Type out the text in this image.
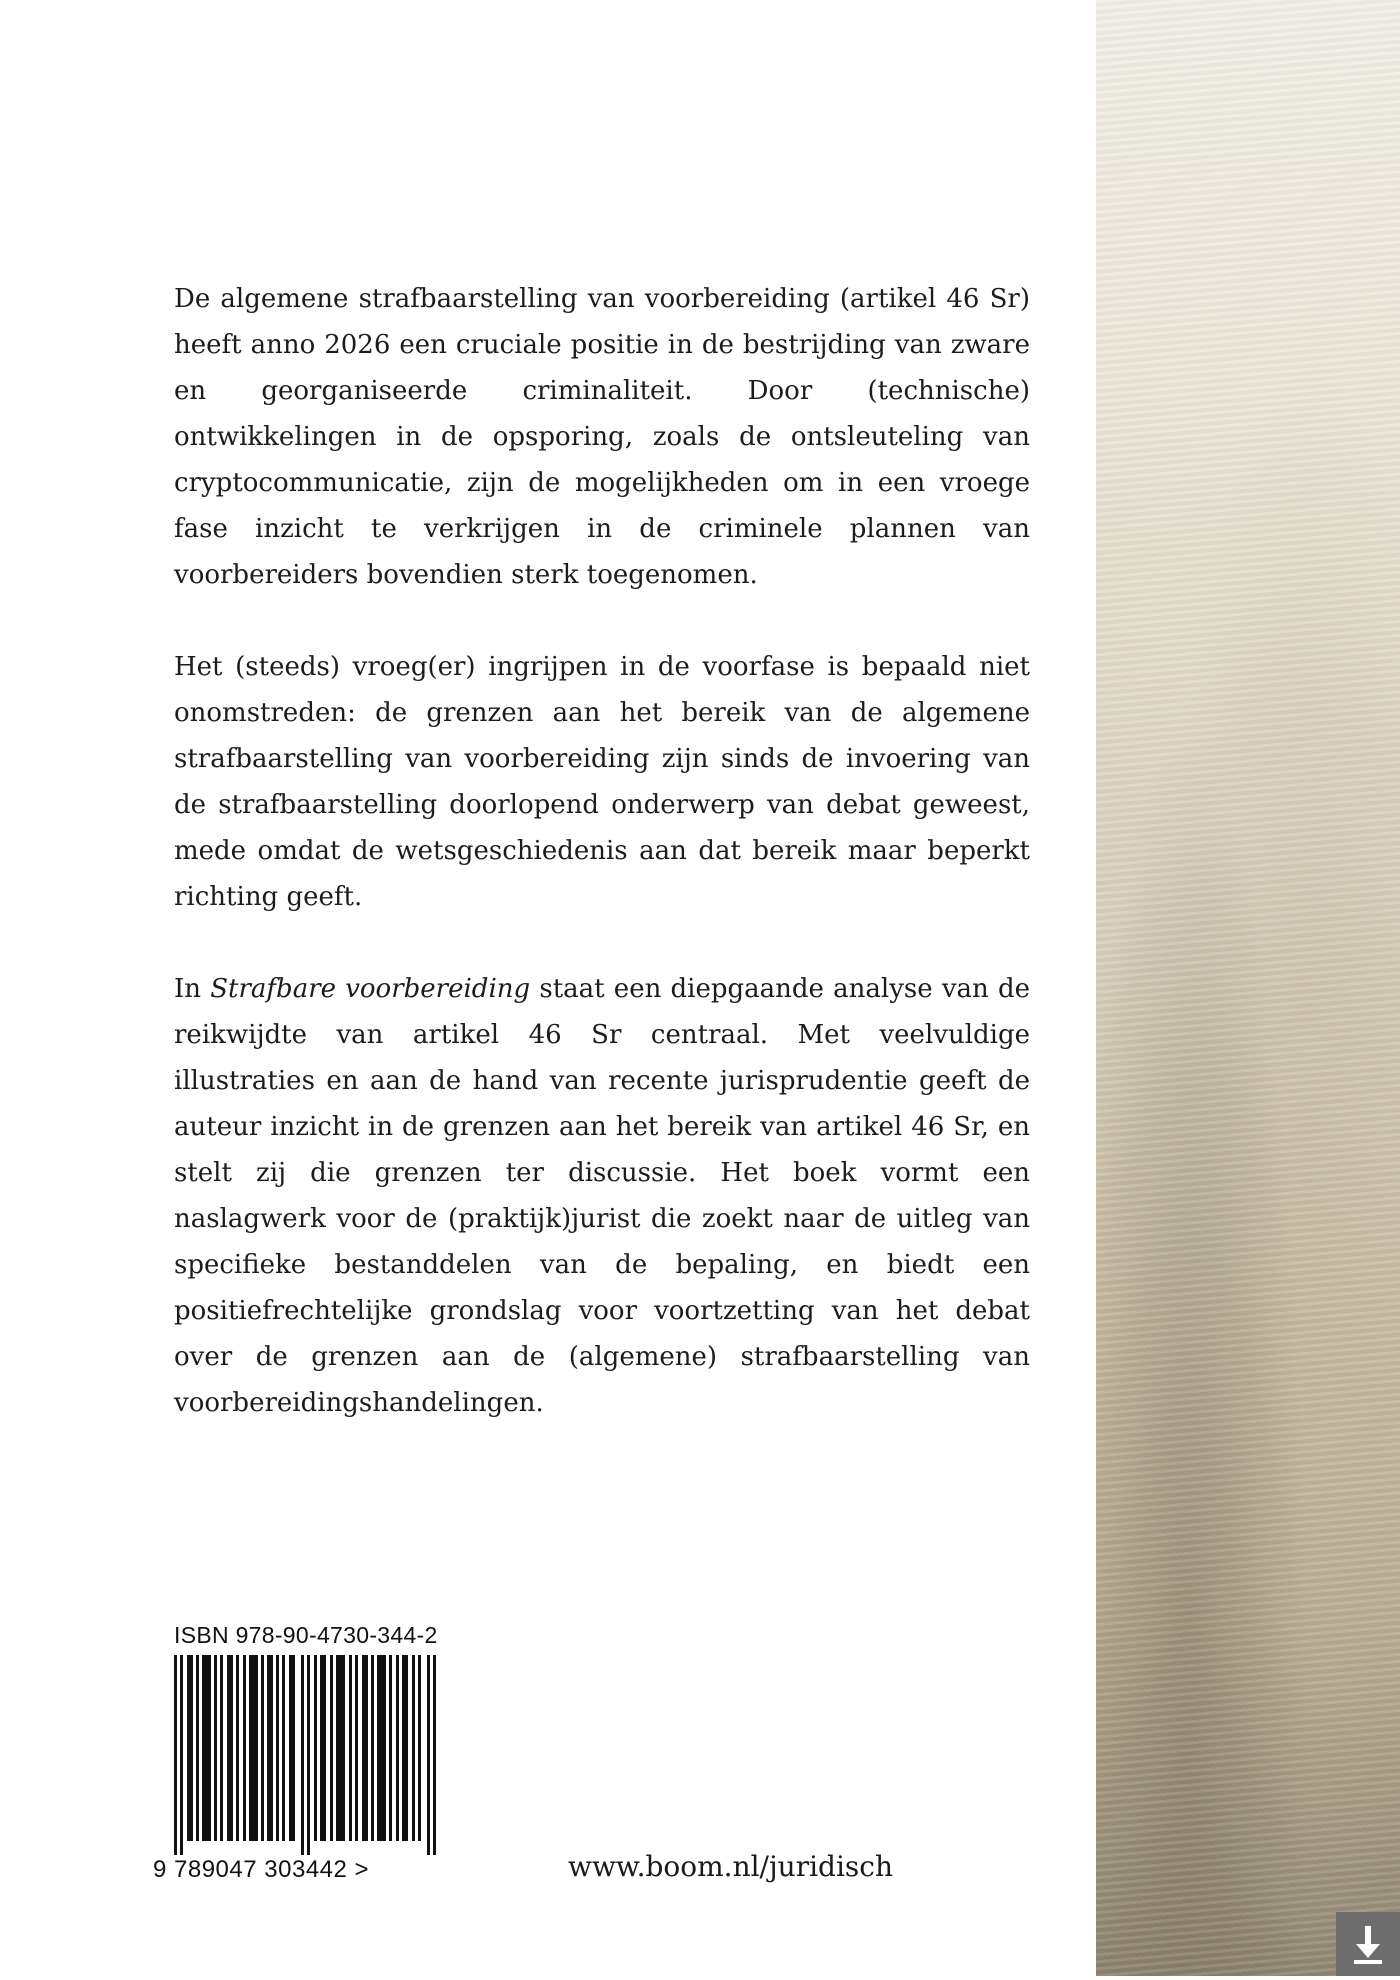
De algemene strafbaarstelling van voorbereiding (artikel 46 Sr) heeft anno 2026 een cruciale positie in de bestrijding van zware en georganiseerde criminaliteit. Door (technische) ontwikkelingen in de opsporing, zoals de ontsleuteling van cryptocommunicatie, zijn de mogelijkheden om in een vroege fase inzicht te verkrijgen in de criminele plannen van voorbereiders bovendien sterk toegenomen.

Het (steeds) vroeg(er) ingrijpen in de voorfase is bepaald niet onomstreden: de grenzen aan het bereik van de algemene strafbaarstelling van voorbereiding zijn sinds de invoering van de strafbaarstelling doorlopend onderwerp van debat geweest, mede omdat de wetsgeschiedenis aan dat bereik maar beperkt richting geeft.

In Strafbare voorbereiding staat een diepgaande analyse van de reikwijdte van artikel 46 Sr centraal. Met veelvuldige illustraties en aan de hand van recente jurisprudentie geeft de auteur inzicht in de grenzen aan het bereik van artikel 46 Sr, en stelt zij die grenzen ter discussie. Het boek vormt een naslagwerk voor de (praktijk)jurist die zoekt naar de uitleg van specifieke bestanddelen van de bepaling, en biedt een positiefrechtelijke grondslag voor voortzetting van het debat over de grenzen aan de (algemene) strafbaarstelling van voorbereidingshandelingen.

ISBN 978-90-4730-344-2
9 789047 303442 >	www.boom.nl/juridisch
